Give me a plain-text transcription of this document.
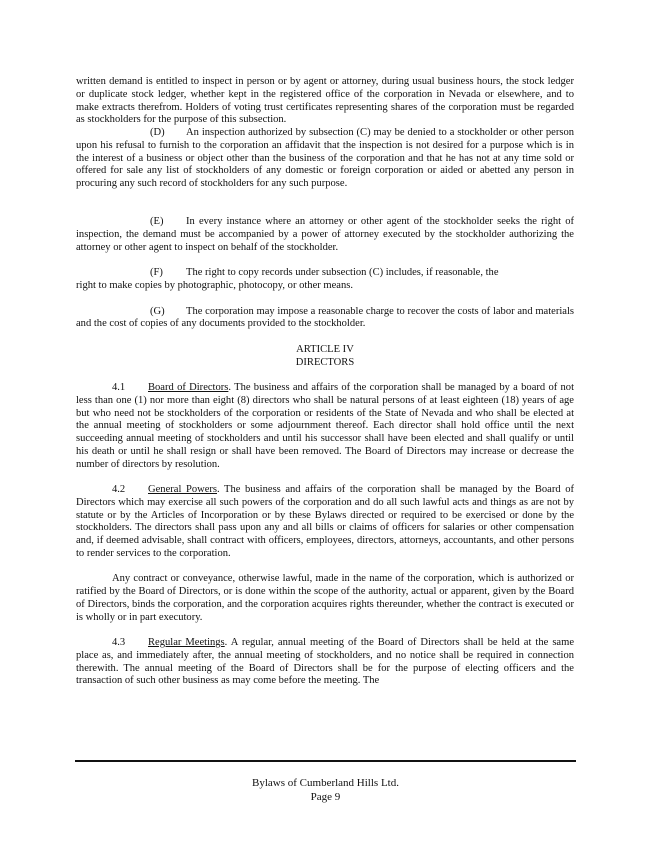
written demand is entitled to inspect in person or by agent or attorney, during usual business hours, the stock ledger or duplicate stock ledger, whether kept in the registered office of the corporation in Nevada or elsewhere, and to make extracts therefrom. Holders of voting trust certificates representing shares of the corporation must be regarded as stockholders for the purpose of this subsection.

(D) An inspection authorized by subsection (C) may be denied to a stockholder or other person upon his refusal to furnish to the corporation an affidavit that the inspection is not desired for a purpose which is in the interest of a business or object other than the business of the corporation and that he has not at any time sold or offered for sale any list of stockholders of any domestic or foreign corporation or aided or abetted any person in procuring any such record of stockholders for any such purpose.

(E) In every instance where an attorney or other agent of the stockholder seeks the right of inspection, the demand must be accompanied by a power of attorney executed by the stockholder authorizing the attorney or other agent to inspect on behalf of the stockholder.

(F) The right to copy records under subsection (C) includes, if reasonable, the

right to make copies by photographic, photocopy, or other means.

(G) The corporation may impose a reasonable charge to recover the costs of labor and materials and the cost of copies of any documents provided to the stockholder.

ARTICLE IV

DIRECTORS

4.1 Board of Directors. The business and affairs of the corporation shall be managed by a board of not less than one (1) nor more than eight (8) directors who shall be natural persons of at least eighteen (18) years of age but who need not be stockholders of the corporation or residents of the State of Nevada and who shall be elected at the annual meeting of stockholders or some adjournment thereof. Each director shall hold office until the next succeeding annual meeting of stockholders and until his successor shall have been elected and shall qualify or until his death or until he shall resign or shall have been removed. The Board of Directors may increase or decrease the number of directors by resolution.

4.2 General Powers. The business and affairs of the corporation shall be managed by the Board of Directors which may exercise all such powers of the corporation and do all such lawful acts and things as are not by statute or by the Articles of Incorporation or by these Bylaws directed or required to be exercised or done by the stockholders. The directors shall pass upon any and all bills or claims of officers for salaries or other compensation and, if deemed advisable, shall contract with officers, employees, directors, attorneys, accountants, and other persons to render services to the corporation.

Any contract or conveyance, otherwise lawful, made in the name of the corporation, which is authorized or ratified by the Board of Directors, or is done within the scope of the authority, actual or apparent, given by the Board of Directors, binds the corporation, and the corporation acquires rights thereunder, whether the contract is executed or is wholly or in part executory.

4.3 Regular Meetings. A regular, annual meeting of the Board of Directors shall be held at the same place as, and immediately after, the annual meeting of stockholders, and no notice shall be required in connection therewith. The annual meeting of the Board of Directors shall be for the purpose of electing officers and the transaction of such other business as may come before the meeting. The

Bylaws of Cumberland Hills Ltd.
Page 9
